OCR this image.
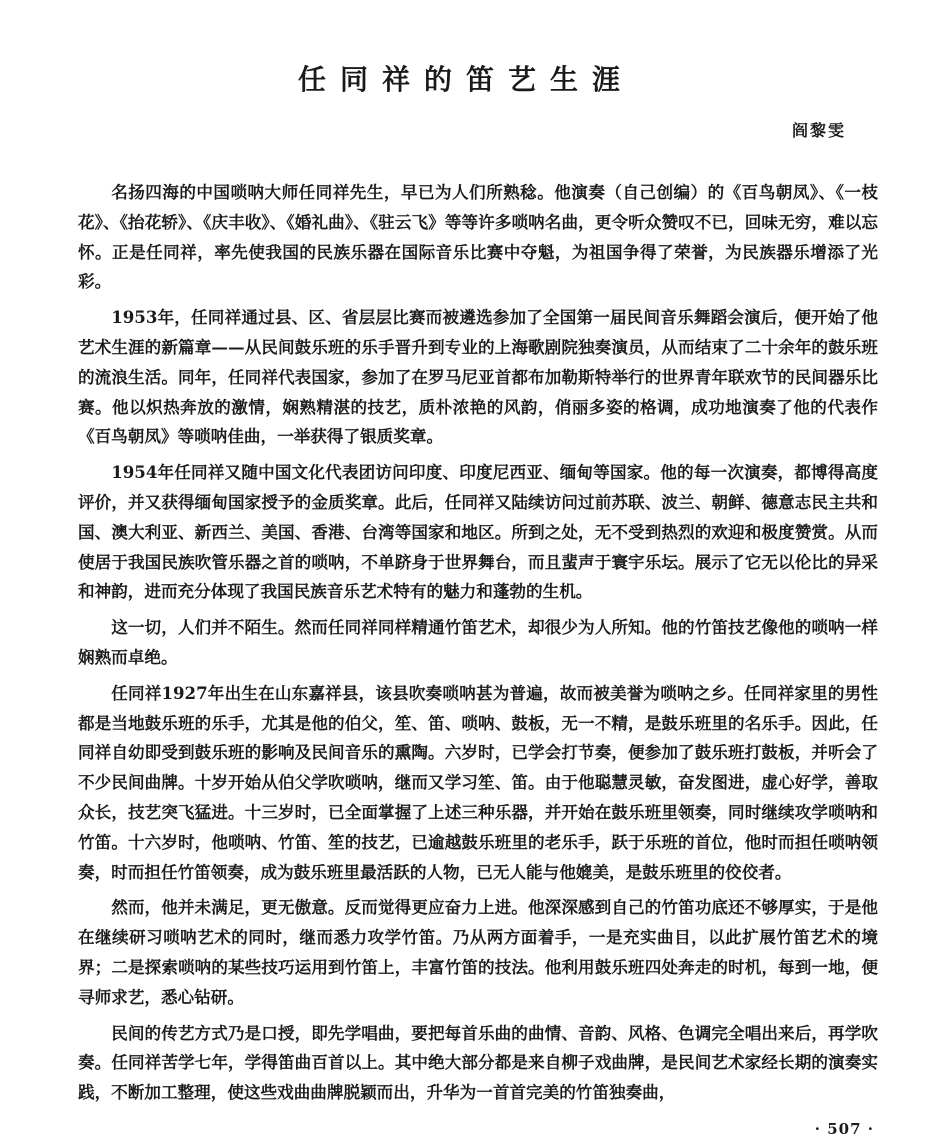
任同祥的笛艺生涯

阎黎雯

名扬四海的中国唢呐大师任同祥先生，早已为人们所熟稔。他演奏（自己创编）的《百鸟朝凤》、《一枝花》、《抬花轿》、《庆丰收》、《婚礼曲》、《驻云飞》等等许多唢呐名曲，更令听众赞叹不已，回味无穷，难以忘怀。正是任同祥，率先使我国的民族乐器在国际音乐比赛中夺魁，为祖国争得了荣誉，为民族器乐增添了光彩。

1953年，任同祥通过县、区、省层层比赛而被遴选参加了全国第一届民间音乐舞蹈会演后，便开始了他艺术生涯的新篇章——从民间鼓乐班的乐手晋升到专业的上海歌剧院独奏演员，从而结束了二十余年的鼓乐班的流浪生活。同年，任同祥代表国家，参加了在罗马尼亚首都布加勒斯特举行的世界青年联欢节的民间器乐比赛。他以炽热奔放的激情，娴熟精湛的技艺，质朴浓艳的风韵，俏丽多姿的格调，成功地演奏了他的代表作《百鸟朝凤》等唢呐佳曲，一举获得了银质奖章。

1954年任同祥又随中国文化代表团访问印度、印度尼西亚、缅甸等国家。他的每一次演奏，都博得高度评价，并又获得缅甸国家授予的金质奖章。此后，任同祥又陆续访问过前苏联、波兰、朝鲜、德意志民主共和国、澳大利亚、新西兰、美国、香港、台湾等国家和地区。所到之处，无不受到热烈的欢迎和极度赞赏。从而使居于我国民族吹管乐器之首的唢呐，不单跻身于世界舞台，而且蜚声于寰宇乐坛。展示了它无以伦比的异采和神韵，进而充分体现了我国民族音乐艺术特有的魅力和蓬勃的生机。

这一切，人们并不陌生。然而任同祥同样精通竹笛艺术，却很少为人所知。他的竹笛技艺像他的唢呐一样娴熟而卓绝。

任同祥1927年出生在山东嘉祥县，该县吹奏唢呐甚为普遍，故而被美誉为唢呐之乡。任同祥家里的男性都是当地鼓乐班的乐手，尤其是他的伯父，笙、笛、唢呐、鼓板，无一不精，是鼓乐班里的名乐手。因此，任同祥自幼即受到鼓乐班的影响及民间音乐的熏陶。六岁时，已学会打节奏，便参加了鼓乐班打鼓板，并听会了不少民间曲牌。十岁开始从伯父学吹唢呐，继而又学习笙、笛。由于他聪慧灵敏，奋发图进，虚心好学，善取众长，技艺突飞猛进。十三岁时，已全面掌握了上述三种乐器，并开始在鼓乐班里领奏，同时继续攻学唢呐和竹笛。十六岁时，他唢呐、竹笛、笙的技艺，已逾越鼓乐班里的老乐手，跃于乐班的首位，他时而担任唢呐领奏，时而担任竹笛领奏，成为鼓乐班里最活跃的人物，已无人能与他媲美，是鼓乐班里的佼佼者。

然而，他并未满足，更无傲意。反而觉得更应奋力上进。他深深感到自己的竹笛功底还不够厚实，于是他在继续研习唢呐艺术的同时，继而悉力攻学竹笛。乃从两方面着手，一是充实曲目，以此扩展竹笛艺术的境界；二是探索唢呐的某些技巧运用到竹笛上，丰富竹笛的技法。他利用鼓乐班四处奔走的时机，每到一地，便寻师求艺，悉心钻研。

民间的传艺方式乃是口授，即先学唱曲，要把每首乐曲的曲情、音韵、风格、色调完全唱出来后，再学吹奏。任同祥苦学七年，学得笛曲百首以上。其中绝大部分都是来自柳子戏曲牌，是民间艺术家经长期的演奏实践，不断加工整理，使这些戏曲曲牌脱颖而出，升华为一首首完美的竹笛独奏曲，

· 507 ·
